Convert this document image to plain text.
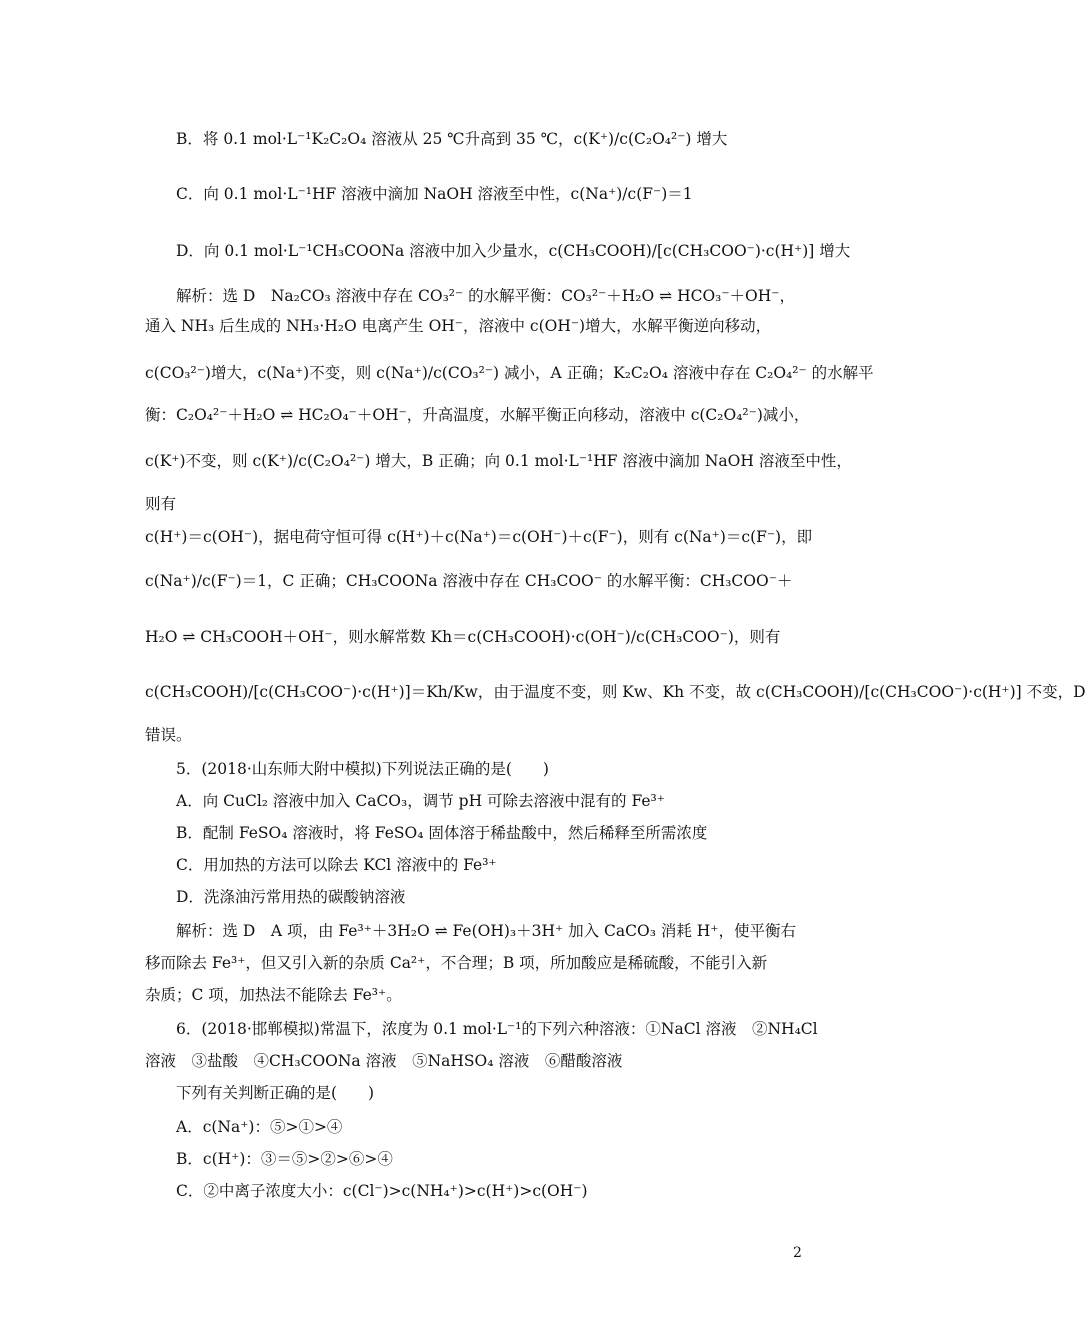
B．将 0.1 mol·L⁻¹K₂C₂O₄ 溶液从 25 ℃升高到 35 ℃，c(K⁺)/c(C₂O₄²⁻) 增大
C．向 0.1 mol·L⁻¹HF 溶液中滴加 NaOH 溶液至中性，c(Na⁺)/c(F⁻)＝1
D．向 0.1 mol·L⁻¹CH₃COONa 溶液中加入少量水，c(CH₃COOH)/[c(CH₃COO⁻)·c(H⁺)] 增大
解析：选 D　Na₂CO₃ 溶液中存在 CO₃²⁻ 的水解平衡：CO₃²⁻＋H₂O ⇌ HCO₃⁻＋OH⁻，
通入 NH₃ 后生成的 NH₃·H₂O 电离产生 OH⁻，溶液中 c(OH⁻)增大，水解平衡逆向移动，
c(CO₃²⁻)增大，c(Na⁺)不变，则 c(Na⁺)/c(CO₃²⁻) 减小，A 正确；K₂C₂O₄ 溶液中存在 C₂O₄²⁻ 的水解平
衡：C₂O₄²⁻＋H₂O ⇌ HC₂O₄⁻＋OH⁻，升高温度，水解平衡正向移动，溶液中 c(C₂O₄²⁻)减小，
c(K⁺)不变，则 c(K⁺)/c(C₂O₄²⁻) 增大，B 正确；向 0.1 mol·L⁻¹HF 溶液中滴加 NaOH 溶液至中性，
则有
c(H⁺)＝c(OH⁻)，据电荷守恒可得 c(H⁺)＋c(Na⁺)＝c(OH⁻)＋c(F⁻)，则有 c(Na⁺)＝c(F⁻)，即
c(Na⁺)/c(F⁻)＝1，C 正确；CH₃COONa 溶液中存在 CH₃COO⁻ 的水解平衡：CH₃COO⁻＋
H₂O ⇌ CH₃COOH＋OH⁻，则水解常数 Kh＝c(CH₃COOH)·c(OH⁻)/c(CH₃COO⁻)，则有
c(CH₃COOH)/[c(CH₃COO⁻)·c(H⁺)]＝Kh/Kw，由于温度不变，则 Kw、Kh 不变，故 c(CH₃COOH)/[c(CH₃COO⁻)·c(H⁺)] 不变，D
错误。
5．(2018·山东师大附中模拟)下列说法正确的是(　　)
A．向 CuCl₂ 溶液中加入 CaCO₃，调节 pH 可除去溶液中混有的 Fe³⁺
B．配制 FeSO₄ 溶液时，将 FeSO₄ 固体溶于稀盐酸中，然后稀释至所需浓度
C．用加热的方法可以除去 KCl 溶液中的 Fe³⁺
D．洗涤油污常用热的碳酸钠溶液
解析：选 D　A 项，由 Fe³⁺＋3H₂O ⇌ Fe(OH)₃＋3H⁺ 加入 CaCO₃ 消耗 H⁺，使平衡右
移而除去 Fe³⁺，但又引入新的杂质 Ca²⁺，不合理；B 项，所加酸应是稀硫酸，不能引入新
杂质；C 项，加热法不能除去 Fe³⁺。
6．(2018·邯郸模拟)常温下，浓度为 0.1 mol·L⁻¹的下列六种溶液：①NaCl 溶液　②NH₄Cl
溶液　③盐酸　④CH₃COONa 溶液　⑤NaHSO₄ 溶液　⑥醋酸溶液
下列有关判断正确的是(　　)
A．c(Na⁺)：⑤>①>④
B．c(H⁺)：③＝⑤>②>⑥>④
C．②中离子浓度大小：c(Cl⁻)>c(NH₄⁺)>c(H⁺)>c(OH⁻)
2
